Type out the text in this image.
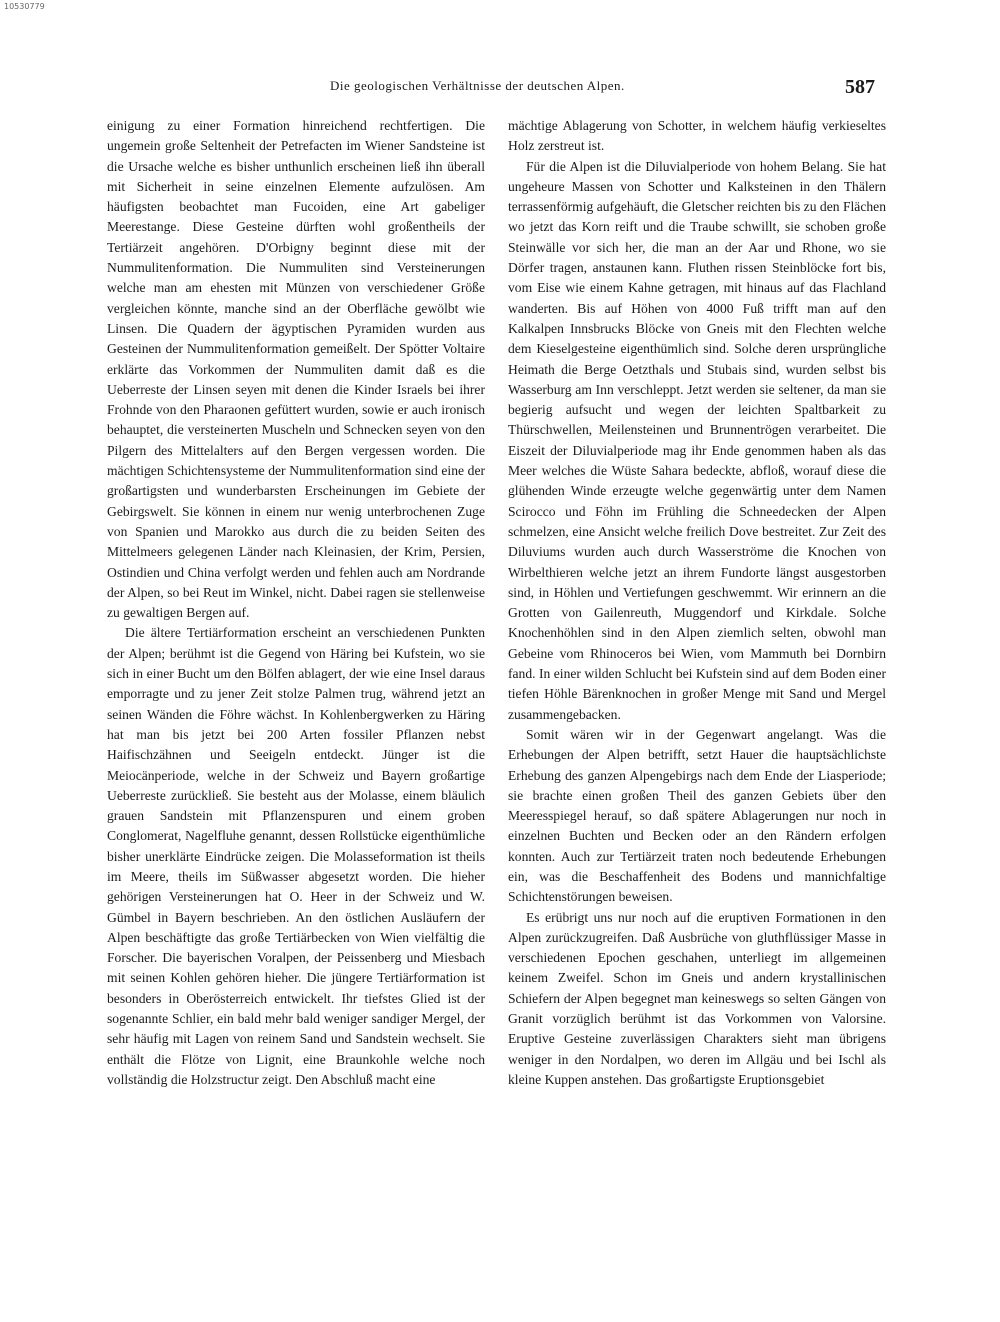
10530779
Die geologischen Verhältnisse der deutschen Alpen.	587

einigung zu einer Formation hinreichend rechtfertigen. Die ungemein große Seltenheit der Petrefacten im Wiener Sandsteine ist die Ursache welche es bisher unthunlich erscheinen ließ ihn überall mit Sicherheit in seine einzelnen Elemente aufzulösen. Am häufigsten beobachtet man Fucoiden, eine Art gabeliger Meerestange. Diese Gesteine dürften wohl großentheils der Tertiärzeit angehören. D'Orbigny beginnt diese mit der Nummulitenformation. Die Nummuliten sind Versteinerungen welche man am ehesten mit Münzen von verschiedener Größe vergleichen könnte, manche sind an der Oberfläche gewölbt wie Linsen. Die Quadern der ägyptischen Pyramiden wurden aus Gesteinen der Nummulitenformation gemeißelt. Der Spötter Voltaire erklärte das Vorkommen der Nummuliten damit daß es die Ueberreste der Linsen seyen mit denen die Kinder Israels bei ihrer Frohnde von den Pharaonen gefüttert wurden, sowie er auch ironisch behauptet, die versteinerten Muscheln und Schnecken seyen von den Pilgern des Mittelalters auf den Bergen vergessen worden. Die mächtigen Schichtensysteme der Nummulitenformation sind eine der großartigsten und wunderbarsten Erscheinungen im Gebiete der Gebirgswelt. Sie können in einem nur wenig unterbrochenen Zuge von Spanien und Marokko aus durch die zu beiden Seiten des Mittelmeers gelegenen Länder nach Kleinasien, der Krim, Persien, Ostindien und China verfolgt werden und fehlen auch am Nordrande der Alpen, so bei Reut im Winkel, nicht. Dabei ragen sie stellenweise zu gewaltigen Bergen auf.

Die ältere Tertiärformation erscheint an verschiedenen Punkten der Alpen; berühmt ist die Gegend von Häring bei Kufstein, wo sie sich in einer Bucht um den Bölfen ablagert, der wie eine Insel daraus emporragte und zu jener Zeit stolze Palmen trug, während jetzt an seinen Wänden die Föhre wächst. In Kohlenbergwerken zu Häring hat man bis jetzt bei 200 Arten fossiler Pflanzen nebst Haifischzähnen und Seeigeln entdeckt. Jünger ist die Meiocänperiode, welche in der Schweiz und Bayern großartige Ueberreste zurückließ. Sie besteht aus der Molasse, einem bläulich grauen Sandstein mit Pflanzenspuren und einem groben Conglomerat, Nagelfluhe genannt, dessen Rollstücke eigenthümliche bisher unerklärte Eindrücke zeigen. Die Molasseformation ist theils im Meere, theils im Süßwasser abgesetzt worden. Die hieher gehörigen Versteinerungen hat O. Heer in der Schweiz und W. Gümbel in Bayern beschrieben. An den östlichen Ausläufern der Alpen beschäftigte das große Tertiärbecken von Wien vielfältig die Forscher. Die bayerischen Voralpen, der Peissenberg und Miesbach mit seinen Kohlen gehören hieher. Die jüngere Tertiärformation ist besonders in Oberösterreich entwickelt. Ihr tiefstes Glied ist der sogenannte Schlier, ein bald mehr bald weniger sandiger Mergel, der sehr häufig mit Lagen von reinem Sand und Sandstein wechselt. Sie enthält die Flötze von Lignit, eine Braunkohle welche noch vollständig die Holzstructur zeigt. Den Abschluß macht eine

mächtige Ablagerung von Schotter, in welchem häufig verkieseltes Holz zerstreut ist.

Für die Alpen ist die Diluvialperiode von hohem Belang. Sie hat ungeheure Massen von Schotter und Kalksteinen in den Thälern terrassenförmig aufgehäuft, die Gletscher reichten bis zu den Flächen wo jetzt das Korn reift und die Traube schwillt, sie schoben große Steinwälle vor sich her, die man an der Aar und Rhone, wo sie Dörfer tragen, anstaunen kann. Fluthen rissen Steinblöcke fort bis, vom Eise wie einem Kahne getragen, mit hinaus auf das Flachland wanderten. Bis auf Höhen von 4000 Fuß trifft man auf den Kalkalpen Innsbrucks Blöcke von Gneis mit den Flechten welche dem Kieselgesteine eigenthümlich sind. Solche deren ursprüngliche Heimath die Berge Oetzthals und Stubais sind, wurden selbst bis Wasserburg am Inn verschleppt. Jetzt werden sie seltener, da man sie begierig aufsucht und wegen der leichten Spaltbarkeit zu Thürschwellen, Meilensteinen und Brunnentrögen verarbeitet. Die Eiszeit der Diluvialperiode mag ihr Ende genommen haben als das Meer welches die Wüste Sahara bedeckte, abfloß, worauf diese die glühenden Winde erzeugte welche gegenwärtig unter dem Namen Scirocco und Föhn im Frühling die Schneedecken der Alpen schmelzen, eine Ansicht welche freilich Dove bestreitet. Zur Zeit des Diluviums wurden auch durch Wasserströme die Knochen von Wirbelthieren welche jetzt an ihrem Fundorte längst ausgestorben sind, in Höhlen und Vertiefungen geschwemmt. Wir erinnern an die Grotten von Gailenreuth, Muggendorf und Kirkdale. Solche Knochenhöhlen sind in den Alpen ziemlich selten, obwohl man Gebeine vom Rhinoceros bei Wien, vom Mammuth bei Dornbirn fand. In einer wilden Schlucht bei Kufstein sind auf dem Boden einer tiefen Höhle Bärenknochen in großer Menge mit Sand und Mergel zusammengebacken.

Somit wären wir in der Gegenwart angelangt. Was die Erhebungen der Alpen betrifft, setzt Hauer die hauptsächlichste Erhebung des ganzen Alpengebirgs nach dem Ende der Liasperiode; sie brachte einen großen Theil des ganzen Gebiets über den Meeresspiegel herauf, so daß spätere Ablagerungen nur noch in einzelnen Buchten und Becken oder an den Rändern erfolgen konnten. Auch zur Tertiärzeit traten noch bedeutende Erhebungen ein, was die Beschaffenheit des Bodens und mannichfaltige Schichtenstörungen beweisen.

Es erübrigt uns nur noch auf die eruptiven Formationen in den Alpen zurückzugreifen. Daß Ausbrüche von gluthflüssiger Masse in verschiedenen Epochen geschahen, unterliegt im allgemeinen keinem Zweifel. Schon im Gneis und andern krystallinischen Schiefern der Alpen begegnet man keineswegs so selten Gängen von Granit vorzüglich berühmt ist das Vorkommen von Valorsine. Eruptive Gesteine zuverlässigen Charakters sieht man übrigens weniger in den Nordalpen, wo deren im Allgäu und bei Ischl als kleine Kuppen anstehen. Das großartigste Eruptionsgebiet
